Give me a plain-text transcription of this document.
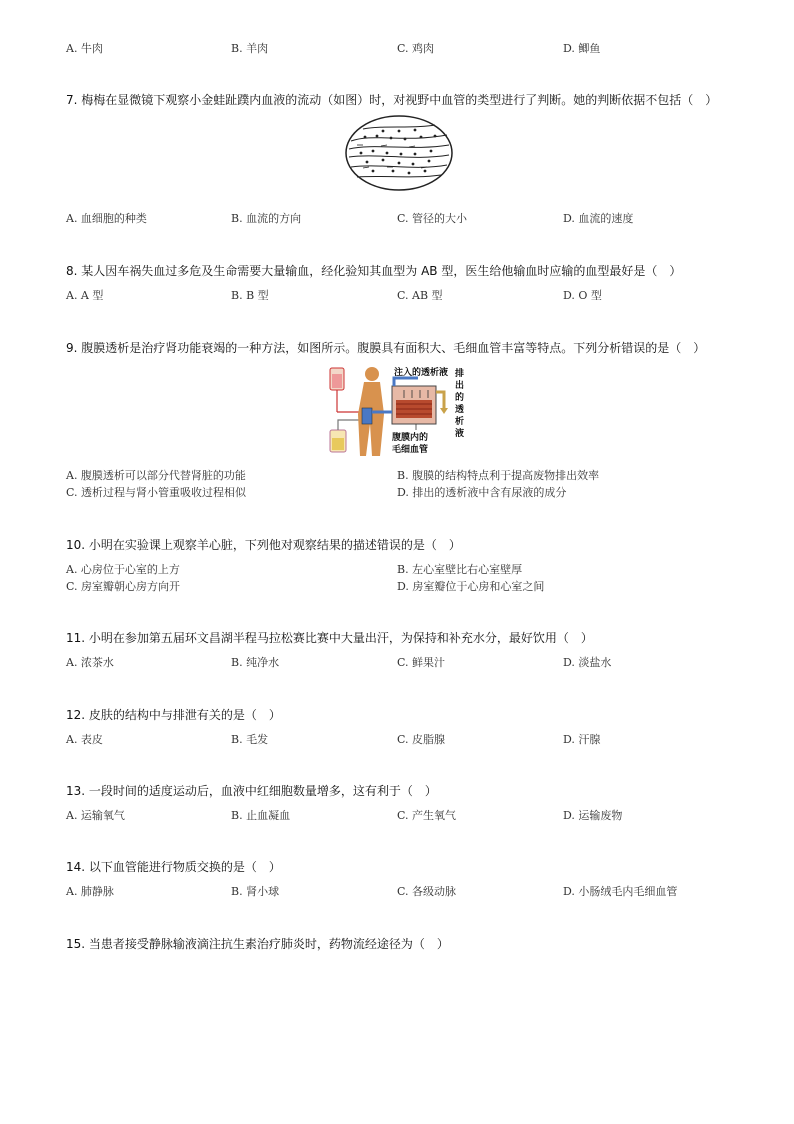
A. 牛肉	B. 羊肉	C. 鸡肉	D. 鲫鱼
7. 梅梅在显微镜下观察小金蛙趾蹼内血液的流动（如图）时，对视野中血管的类型进行了判断。她的判断依据不包括（　）
A. 血细胞的种类	B. 血流的方向	C. 管径的大小	D. 血流的速度
8. 某人因车祸失血过多危及生命需要大量输血，经化验知其血型为 AB 型，医生给他输血时应输的血型最好是（　）
A. A 型	B. B 型	C. AB 型	D. O 型
9. 腹膜透析是治疗肾功能衰竭的一种方法，如图所示。腹膜具有面积大、毛细血管丰富等特点。下列分析错误的是（　）
注入的透析液 排
出
的
透
析
液
腹膜内的
毛细血管
A. 腹膜透析可以部分代替肾脏的功能	B. 腹膜的结构特点利于提高废物排出效率
C. 透析过程与肾小管重吸收过程相似	D. 排出的透析液中含有尿液的成分
10. 小明在实验课上观察羊心脏，下列他对观察结果的描述错误的是（　）
A. 心房位于心室的上方	B. 左心室壁比右心室壁厚
C. 房室瓣朝心房方向开	D. 房室瓣位于心房和心室之间
11. 小明在参加第五届环文昌湖半程马拉松赛比赛中大量出汗，为保持和补充水分，最好饮用（　）
A. 浓茶水	B. 纯净水	C. 鲜果汁	D. 淡盐水
12. 皮肤的结构中与排泄有关的是（　）
A. 表皮	B. 毛发	C. 皮脂腺	D. 汗腺
13. 一段时间的适度运动后，血液中红细胞数量增多，这有利于（　）
A. 运输氧气	B. 止血凝血	C. 产生氧气	D. 运输废物
14. 以下血管能进行物质交换的是（　）
A. 肺静脉	B. 肾小球	C. 各级动脉	D. 小肠绒毛内毛细血管
15. 当患者接受静脉输液滴注抗生素治疗肺炎时，药物流经途径为（　）
